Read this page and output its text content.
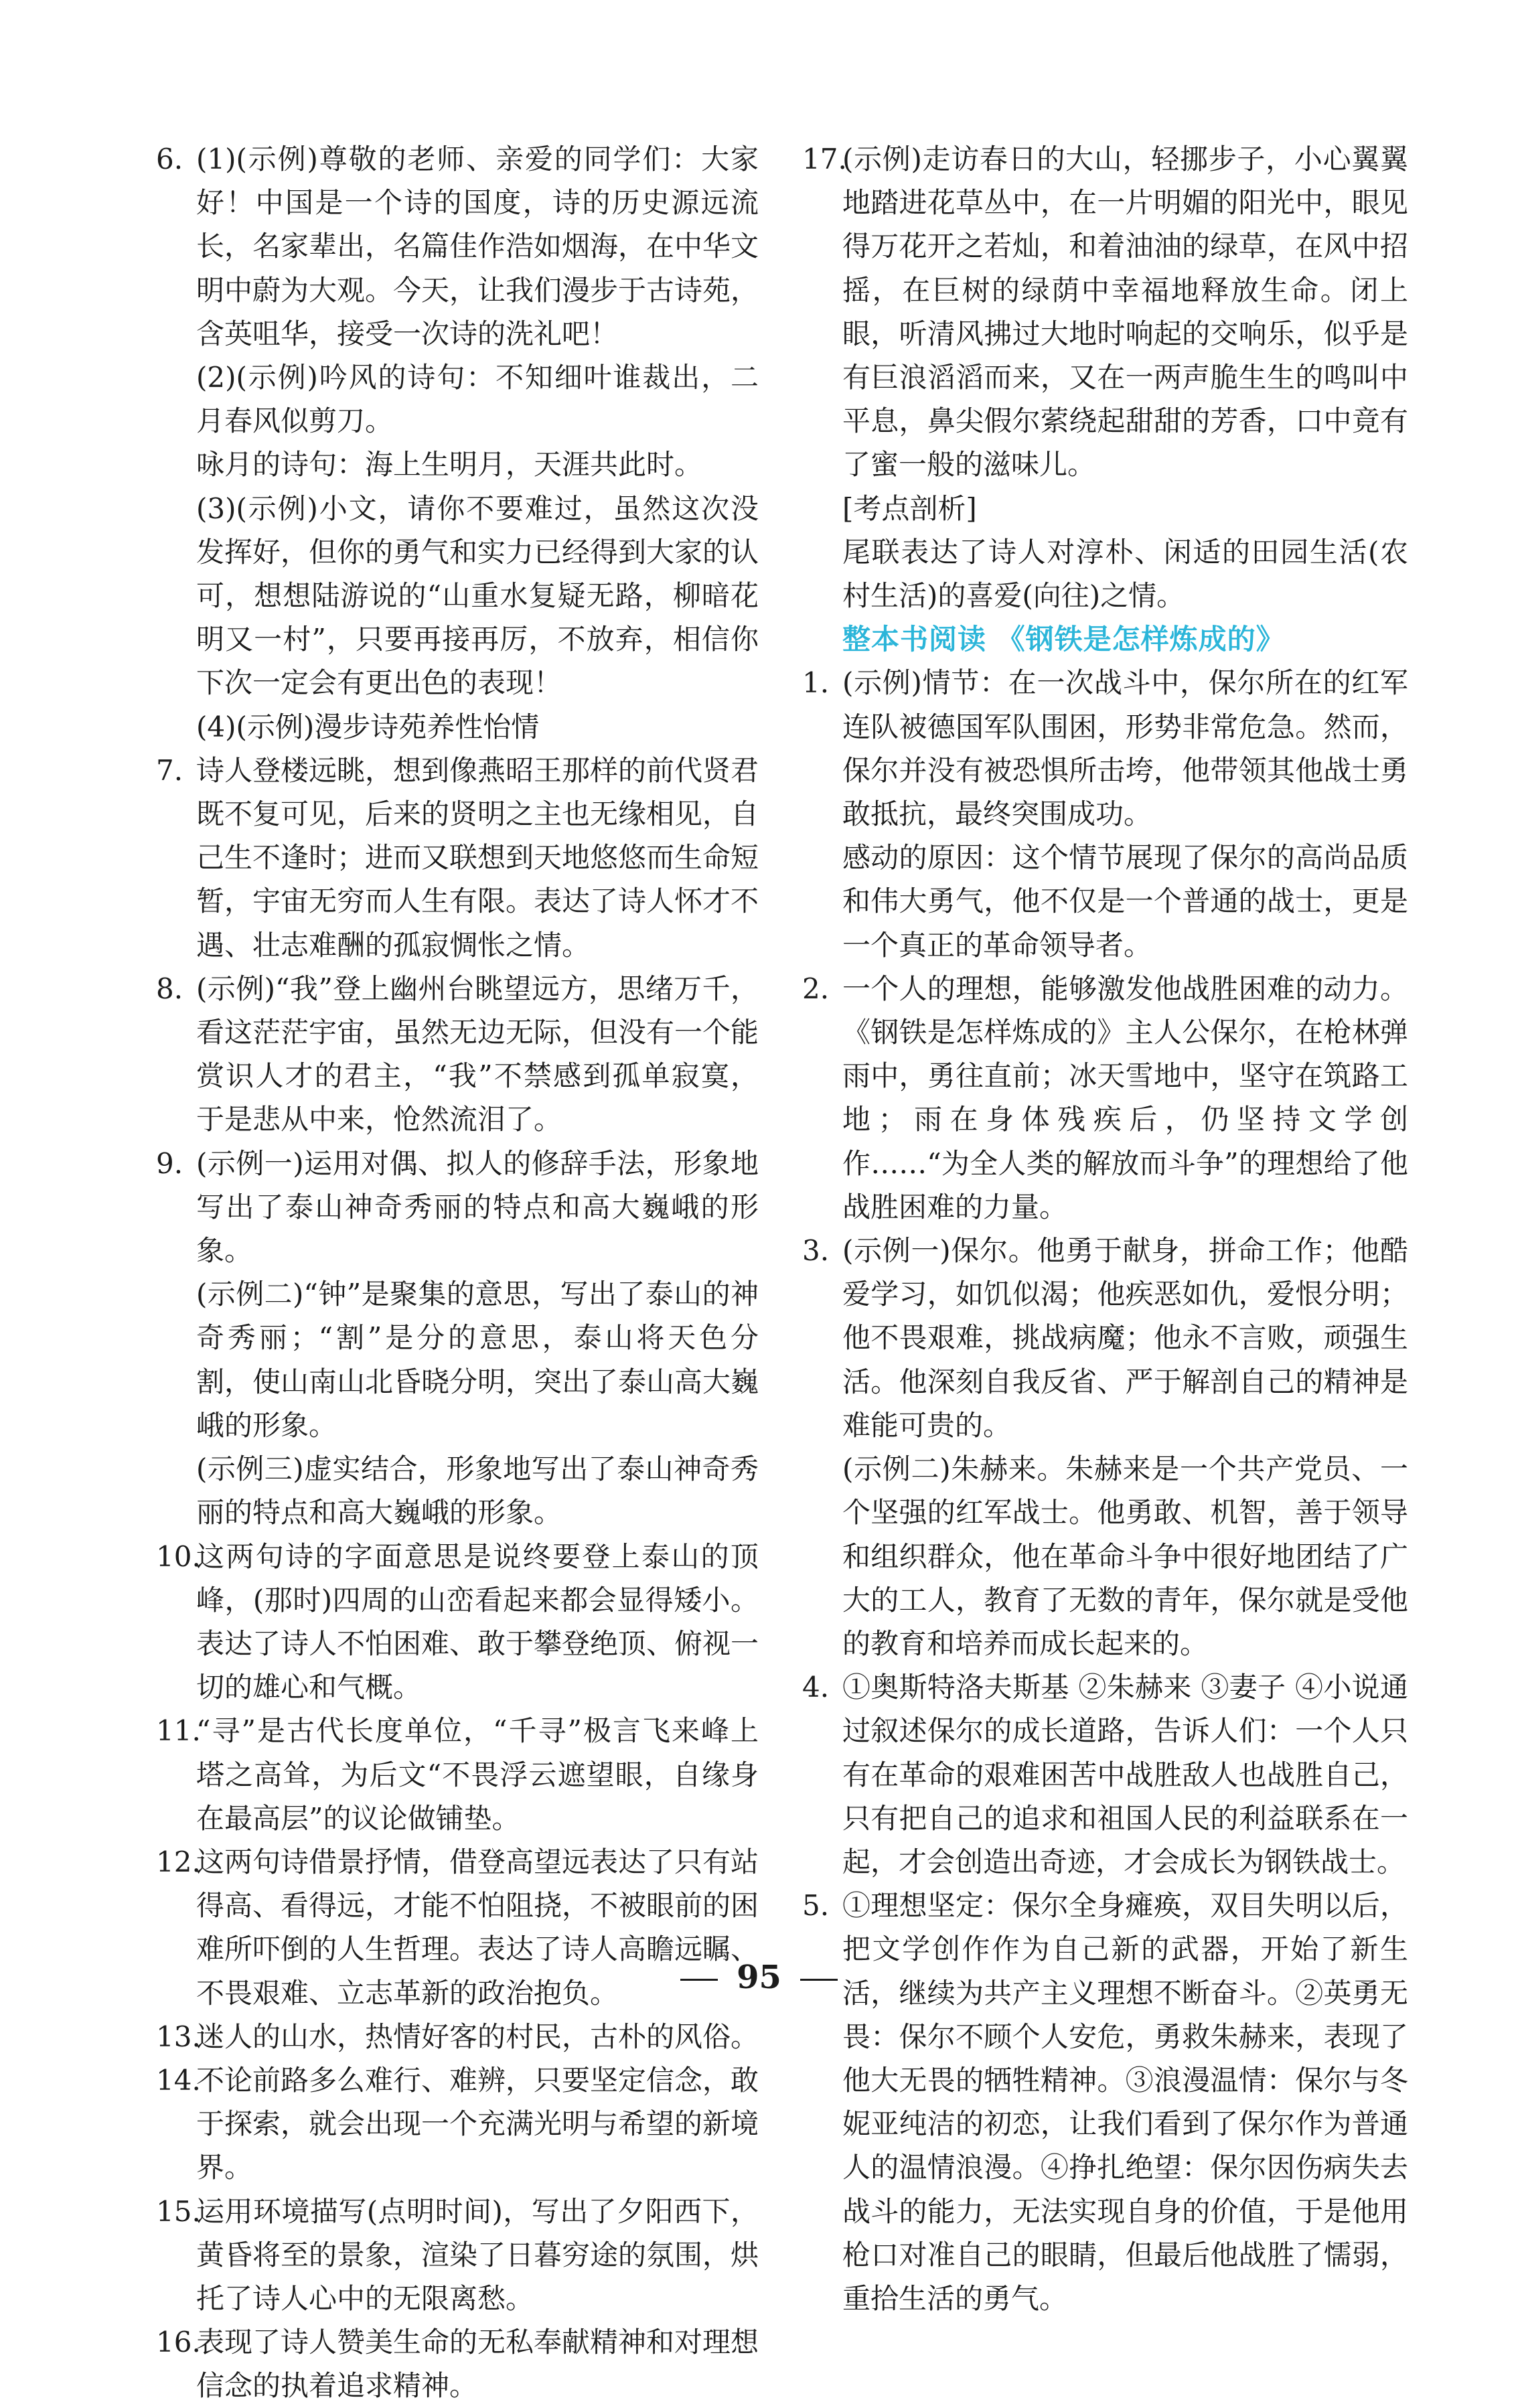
6. (1)(示例)尊敬的老师、亲爱的同学们：大家好！中国是一个诗的国度，诗的历史源远流长，名家辈出，名篇佳作浩如烟海，在中华文明中蔚为大观。今天，让我们漫步于古诗苑，含英咀华，接受一次诗的洗礼吧！

(2)(示例)吟风的诗句：不知细叶谁裁出，二月春风似剪刀。

咏月的诗句：海上生明月，天涯共此时。

(3)(示例)小文，请你不要难过，虽然这次没发挥好，但你的勇气和实力已经得到大家的认可，想想陆游说的“山重水复疑无路，柳暗花明又一村”，只要再接再厉，不放弃，相信你下次一定会有更出色的表现！

(4)(示例)漫步诗苑养性怡情

7. 诗人登楼远眺，想到像燕昭王那样的前代贤君既不复可见，后来的贤明之主也无缘相见，自己生不逢时；进而又联想到天地悠悠而生命短暂，宇宙无穷而人生有限。表达了诗人怀才不遇、壮志难酬的孤寂惆怅之情。

8. (示例)“我”登上幽州台眺望远方，思绪万千，看这茫茫宇宙，虽然无边无际，但没有一个能赏识人才的君主，“我”不禁感到孤单寂寞，于是悲从中来，怆然流泪了。

9. (示例一)运用对偶、拟人的修辞手法，形象地写出了泰山神奇秀丽的特点和高大巍峨的形象。

(示例二)“钟”是聚集的意思，写出了泰山的神奇秀丽；“割”是分的意思，泰山将天色分割，使山南山北昏晓分明，突出了泰山高大巍峨的形象。

(示例三)虚实结合，形象地写出了泰山神奇秀丽的特点和高大巍峨的形象。

10.

这两句诗的字面意思是说终要登上泰山的顶峰，(那时)四周的山峦看起来都会显得矮小。表达了诗人不怕困难、敢于攀登绝顶、俯视一切的雄心和气概。

11.

“寻”是古代长度单位，“千寻”极言飞来峰上塔之高耸，为后文“不畏浮云遮望眼，自缘身在最高层”的议论做铺垫。

12.

这两句诗借景抒情，借登高望远表达了只有站得高、看得远，才能不怕阻挠，不被眼前的困难所吓倒的人生哲理。表达了诗人高瞻远瞩、不畏艰难、立志革新的政治抱负。

13.

迷人的山水，热情好客的村民，古朴的风俗。

14.

不论前路多么难行、难辨，只要坚定信念，敢于探索，就会出现一个充满光明与希望的新境界。

15.

运用环境描写(点明时间)，写出了夕阳西下，黄昏将至的景象，渲染了日暮穷途的氛围，烘托了诗人心中的无限离愁。

16.

表现了诗人赞美生命的无私奉献精神和对理想信念的执着追求精神。

17.

(示例)走访春日的大山，轻挪步子，小心翼翼地踏进花草丛中，在一片明媚的阳光中，眼见得万花开之若灿，和着油油的绿草，在风中招摇，在巨树的绿荫中幸福地释放生命。闭上眼，听清风拂过大地时响起的交响乐，似乎是有巨浪滔滔而来，又在一两声脆生生的鸣叫中平息，鼻尖假尔萦绕起甜甜的芳香，口中竟有了蜜一般的滋味儿。

[考点剖析]

尾联表达了诗人对淳朴、闲适的田园生活(农村生活)的喜爱(向往)之情。

整本书阅读 《钢铁是怎样炼成的》

1. (示例)情节：在一次战斗中，保尔所在的红军连队被德国军队围困，形势非常危急。然而，保尔并没有被恐惧所击垮，他带领其他战士勇敢抵抗，最终突围成功。

感动的原因：这个情节展现了保尔的高尚品质和伟大勇气，他不仅是一个普通的战士，更是一个真正的革命领导者。

2. 一个人的理想，能够激发他战胜困难的动力。《钢铁是怎样炼成的》主人公保尔，在枪林弹雨中，勇往直前；冰天雪地中，坚守在筑路工地；雨在身体残疾后，仍坚持文学创作……“为全人类的解放而斗争”的理想给了他战胜困难的力量。

3. (示例一)保尔。他勇于献身，拼命工作；他酷爱学习，如饥似渴；他疾恶如仇，爱恨分明；他不畏艰难，挑战病魔；他永不言败，顽强生活。他深刻自我反省、严于解剖自己的精神是难能可贵的。

(示例二)朱赫来。朱赫来是一个共产党员、一个坚强的红军战士。他勇敢、机智，善于领导和组织群众，他在革命斗争中很好地团结了广大的工人，教育了无数的青年，保尔就是受他的教育和培养而成长起来的。

4. ①奥斯特洛夫斯基 ②朱赫来 ③妻子 ④小说通过叙述保尔的成长道路，告诉人们：一个人只有在革命的艰难困苦中战胜敌人也战胜自己，只有把自己的追求和祖国人民的利益联系在一起，才会创造出奇迹，才会成长为钢铁战士。

5. ①理想坚定：保尔全身瘫痪，双目失明以后，把文学创作作为自己新的武器，开始了新生活，继续为共产主义理想不断奋斗。②英勇无畏：保尔不顾个人安危，勇救朱赫来，表现了他大无畏的牺牲精神。③浪漫温情：保尔与冬妮亚纯洁的初恋，让我们看到了保尔作为普通人的温情浪漫。④挣扎绝望：保尔因伤病失去战斗的能力，无法实现自身的价值，于是他用枪口对准自己的眼睛，但最后他战胜了懦弱，重拾生活的勇气。

95
